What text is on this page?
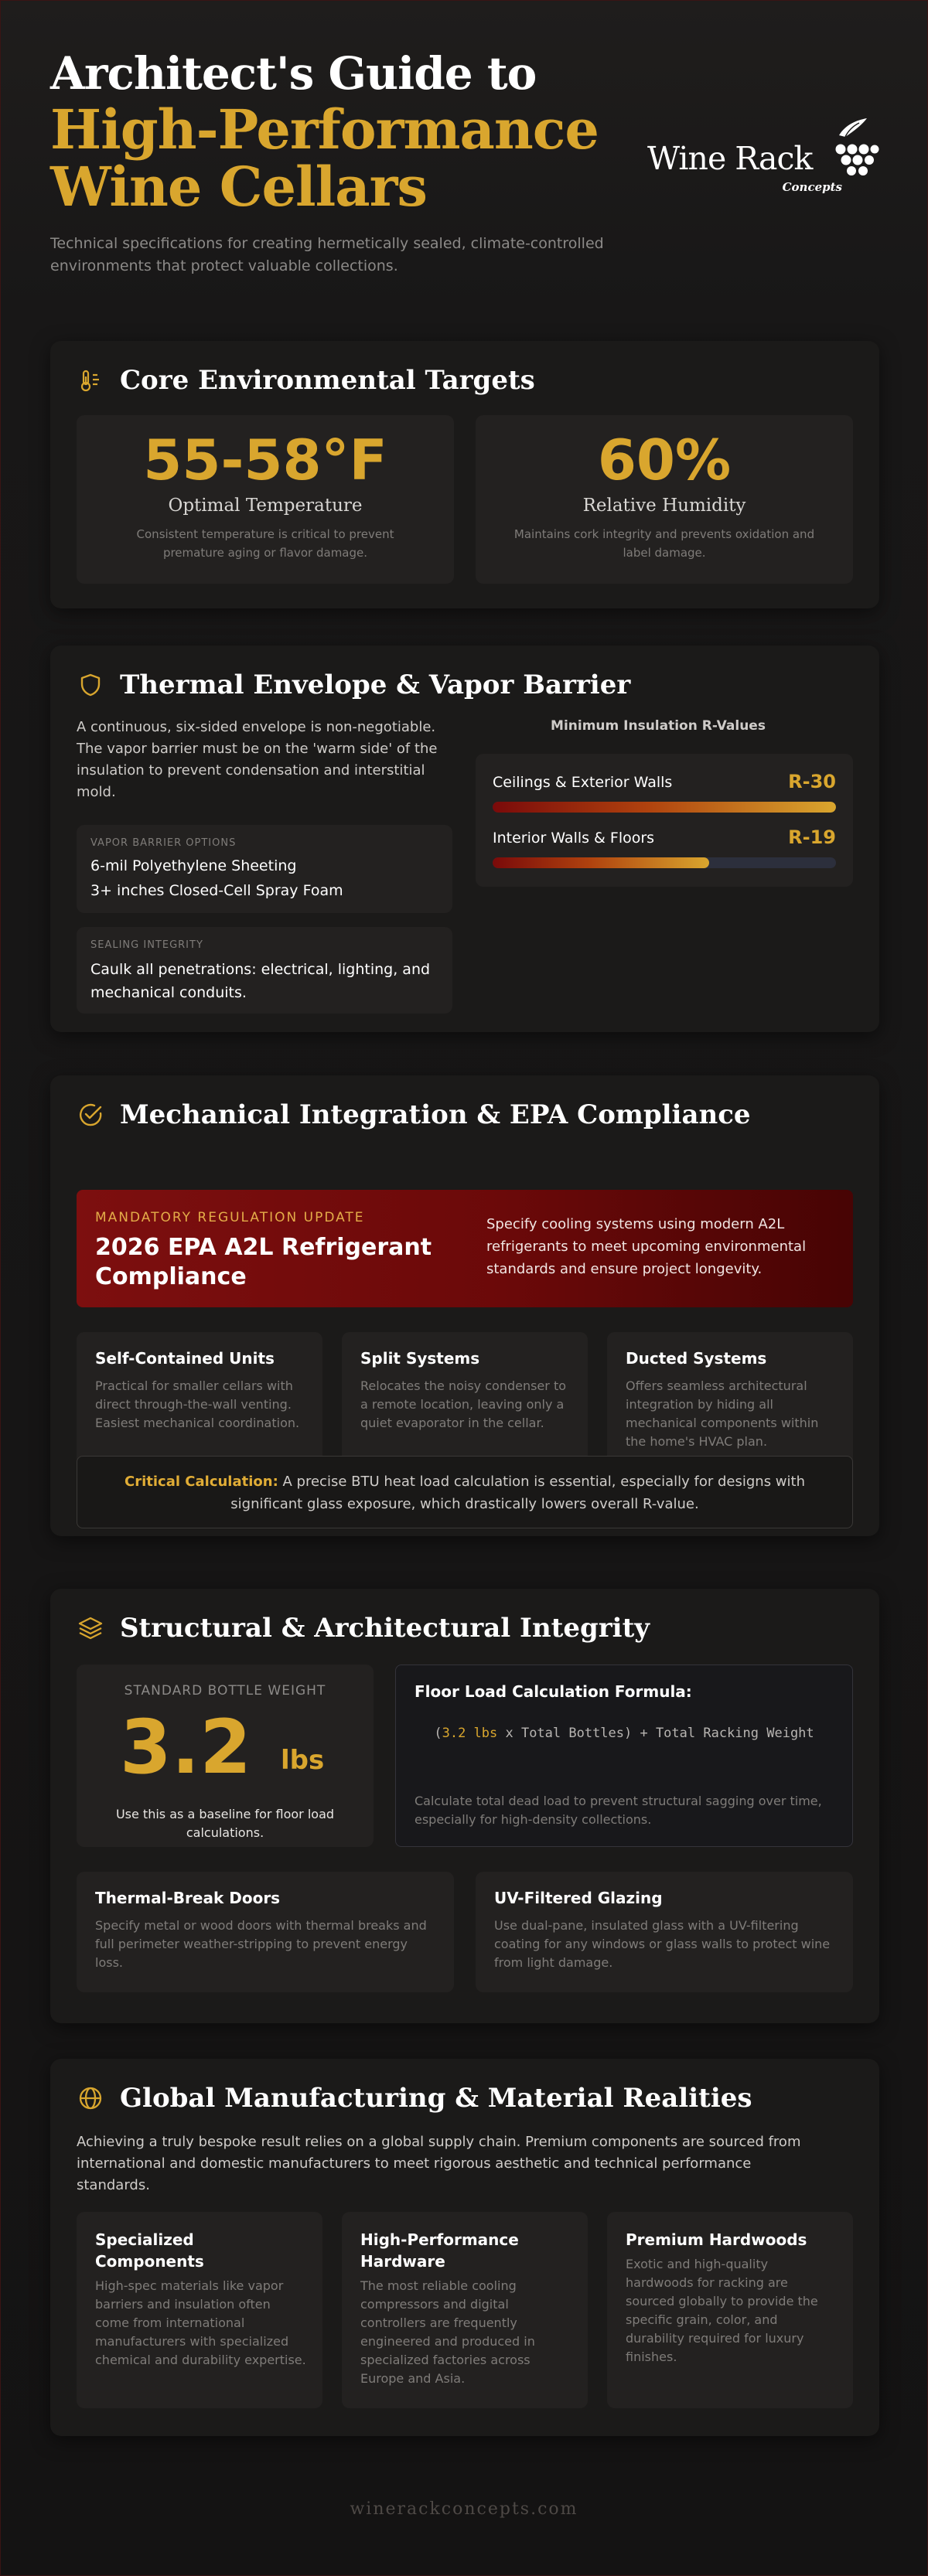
Architect's Guide to
High-Performance
Wine Cellars
Technical specifications for creating hermetically sealed, climate-controlled environments that protect valuable collections.
Wine Rack
Concepts
Core Environmental Targets
55-58°F
Optimal Temperature
Consistent temperature is critical to prevent premature aging or flavor damage.
60%
Relative Humidity
Maintains cork integrity and prevents oxidation and label damage.
Thermal Envelope & Vapor Barrier
A continuous, six-sided envelope is non-negotiable. The vapor barrier must be on the 'warm side' of the insulation to prevent condensation and interstitial mold.
VAPOR BARRIER OPTIONS
6-mil Polyethylene Sheeting
3+ inches Closed-Cell Spray Foam
SEALING INTEGRITY
Caulk all penetrations: electrical, lighting, and mechanical conduits.
Minimum Insulation R-Values
Ceilings & Exterior Walls	R-30
Interior Walls & Floors	R-19
Mechanical Integration & EPA Compliance
MANDATORY REGULATION UPDATE
2026 EPA A2L Refrigerant Compliance
Specify cooling systems using modern A2L refrigerants to meet upcoming environmental standards and ensure project longevity.
Self-Contained Units
Practical for smaller cellars with direct through-the-wall venting. Easiest mechanical coordination.
Split Systems
Relocates the noisy condenser to a remote location, leaving only a quiet evaporator in the cellar.
Ducted Systems
Offers seamless architectural integration by hiding all mechanical components within the home's HVAC plan.
Critical Calculation: A precise BTU heat load calculation is essential, especially for designs with significant glass exposure, which drastically lowers overall R-value.
Structural & Architectural Integrity
STANDARD BOTTLE WEIGHT
3.2 lbs
Use this as a baseline for floor load calculations.
Floor Load Calculation Formula:
(3.2 lbs x Total Bottles) + Total Racking Weight
Calculate total dead load to prevent structural sagging over time, especially for high-density collections.
Thermal-Break Doors
Specify metal or wood doors with thermal breaks and full perimeter weather-stripping to prevent energy loss.
UV-Filtered Glazing
Use dual-pane, insulated glass with a UV-filtering coating for any windows or glass walls to protect wine from light damage.
Global Manufacturing & Material Realities
Achieving a truly bespoke result relies on a global supply chain. Premium components are sourced from international and domestic manufacturers to meet rigorous aesthetic and technical performance standards.
Specialized Components
High-spec materials like vapor barriers and insulation often come from international manufacturers with specialized chemical and durability expertise.
High-Performance Hardware
The most reliable cooling compressors and digital controllers are frequently engineered and produced in specialized factories across Europe and Asia.
Premium Hardwoods
Exotic and high-quality hardwoods for racking are sourced globally to provide the specific grain, color, and durability required for luxury finishes.
winerackconcepts.com
